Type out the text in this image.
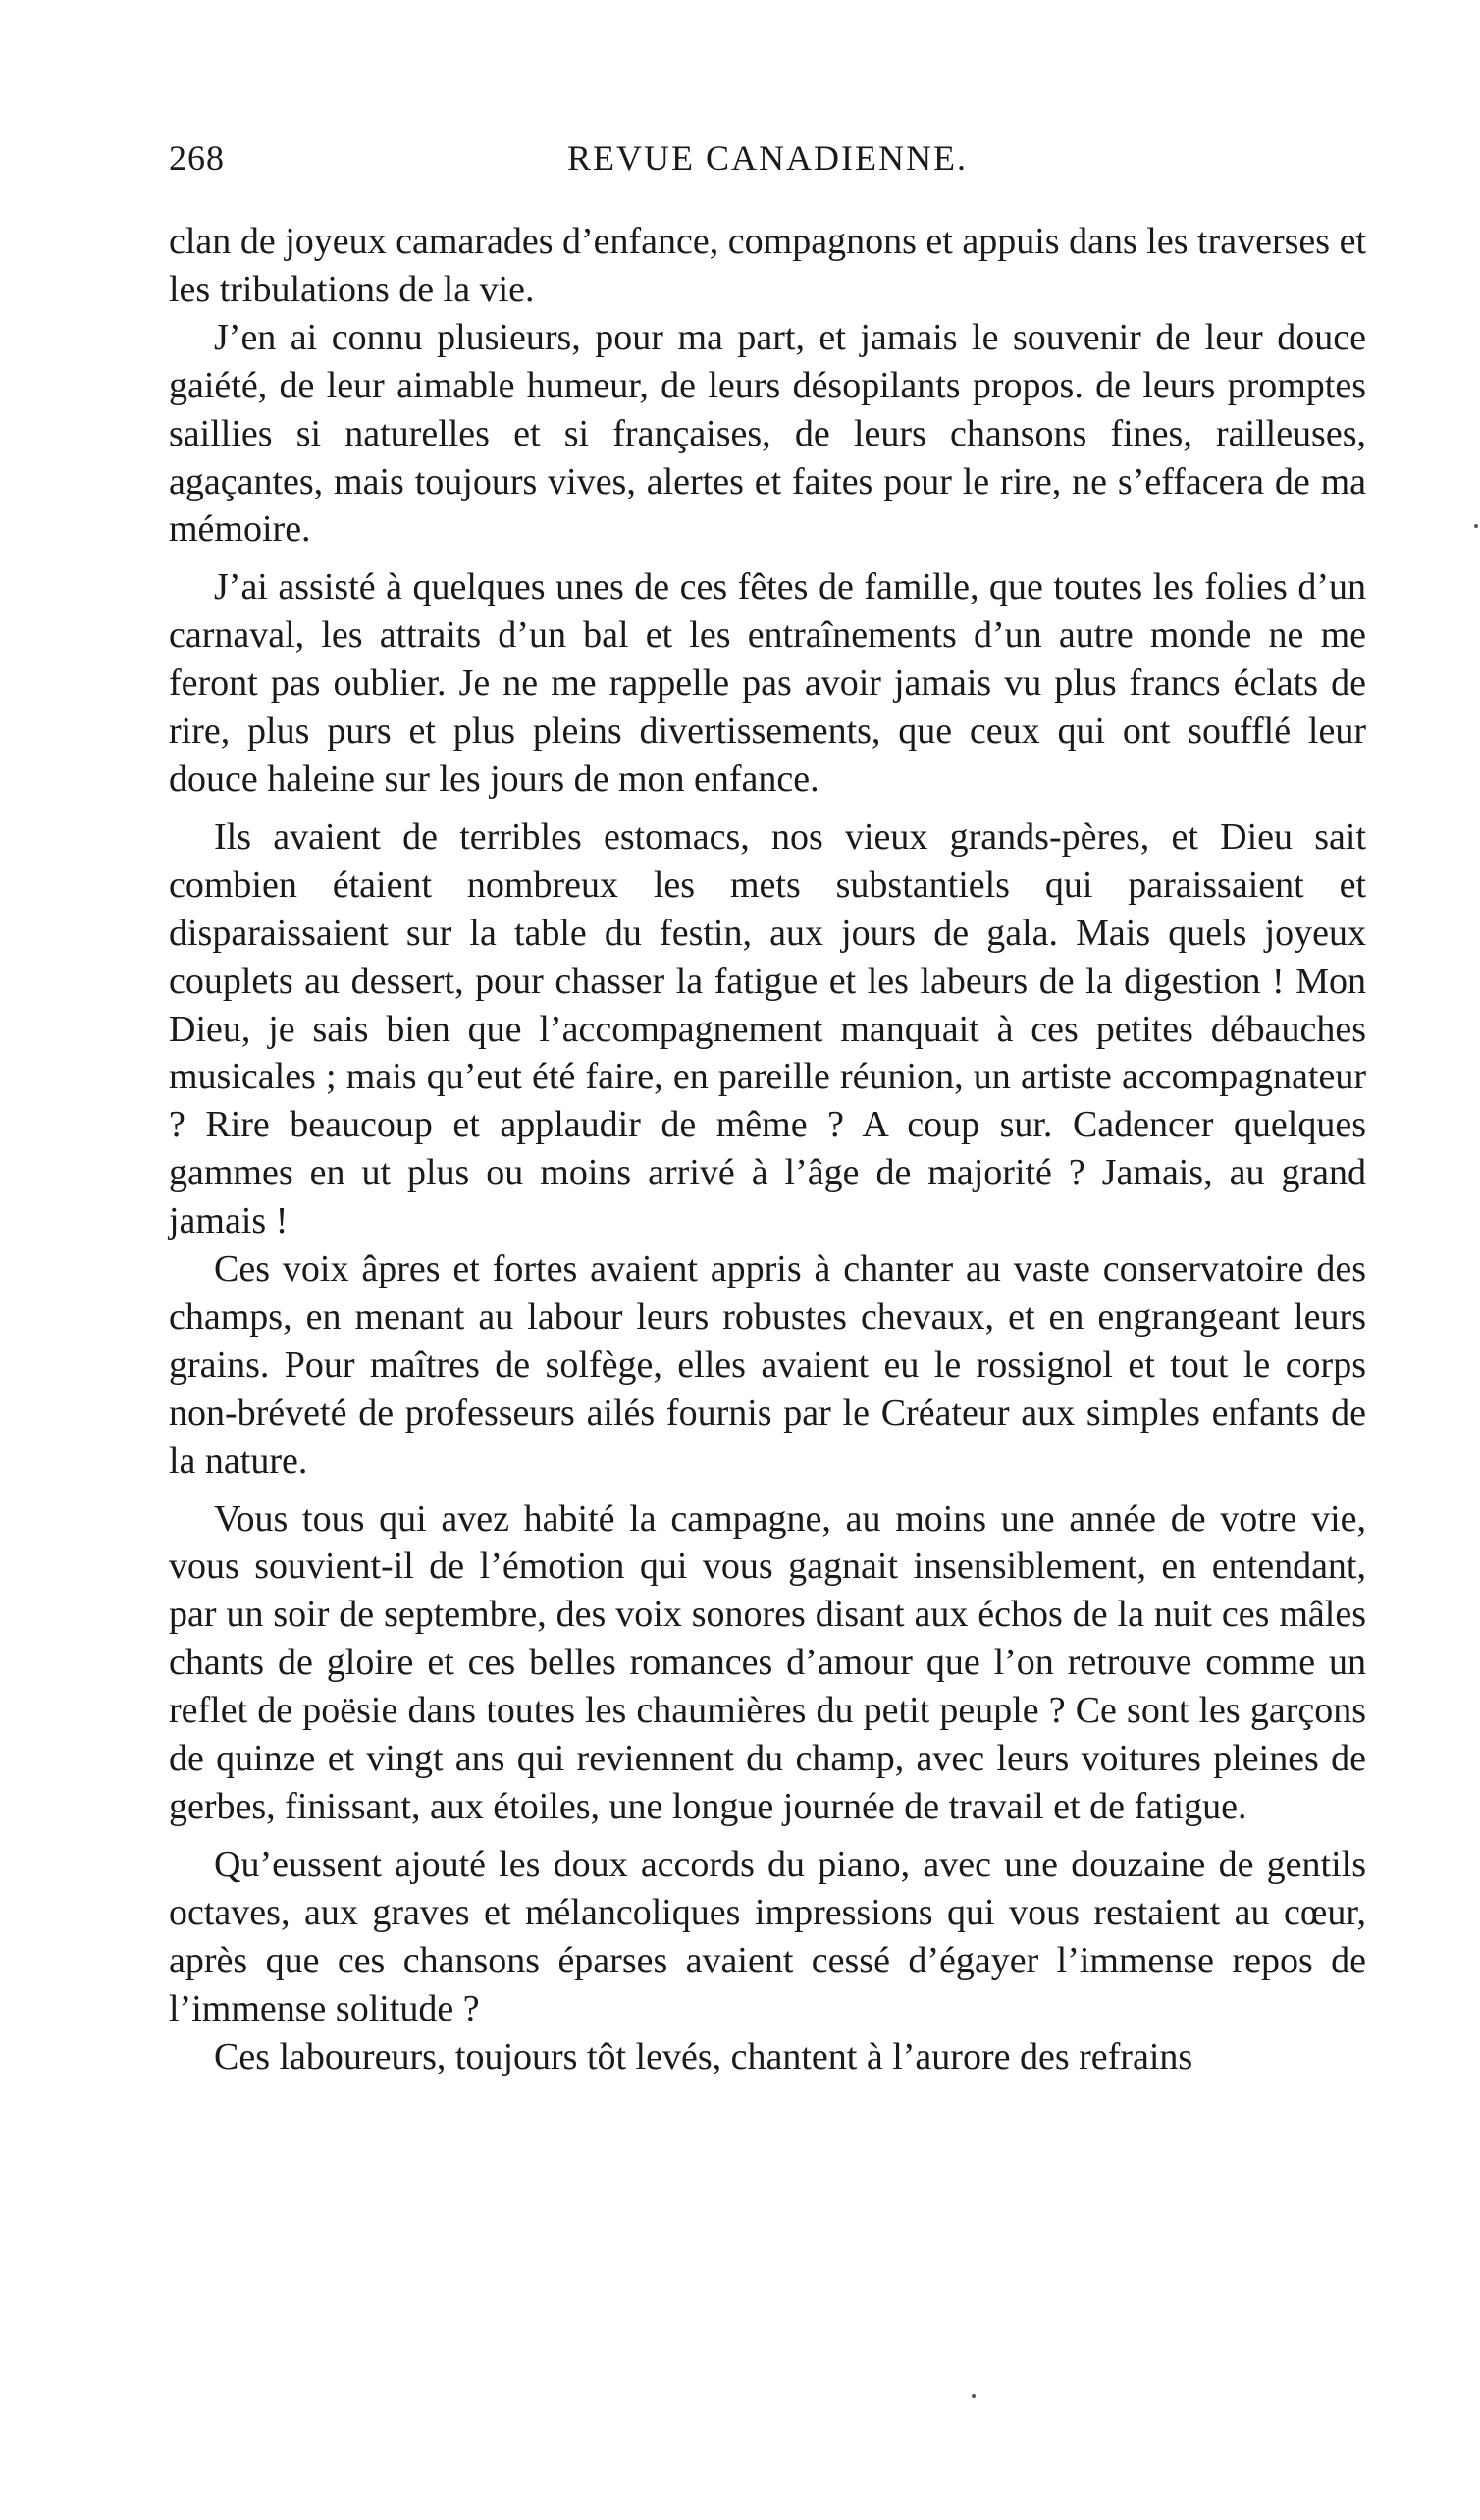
268	REVUE CANADIENNE.

clan de joyeux camarades d’enfance, compagnons et appuis dans les traverses et les tribulations de la vie.

J’en ai connu plusieurs, pour ma part, et jamais le souvenir de leur douce gaiété, de leur aimable humeur, de leurs désopilants propos. de leurs promptes saillies si naturelles et si françaises, de leurs chansons fines, railleuses, agaçantes, mais toujours vives, alertes et faites pour le rire, ne s’effacera de ma mémoire.

J’ai assisté à quelques unes de ces fêtes de famille, que toutes les folies d’un carnaval, les attraits d’un bal et les entraînements d’un autre monde ne me feront pas oublier. Je ne me rappelle pas avoir jamais vu plus francs éclats de rire, plus purs et plus pleins divertissements, que ceux qui ont soufflé leur douce haleine sur les jours de mon enfance.

Ils avaient de terribles estomacs, nos vieux grands-pères, et Dieu sait combien étaient nombreux les mets substantiels qui paraissaient et disparaissaient sur la table du festin, aux jours de gala. Mais quels joyeux couplets au dessert, pour chasser la fatigue et les labeurs de la digestion ! Mon Dieu, je sais bien que l’accompagnement manquait à ces petites débauches musicales ; mais qu’eut été faire, en pareille réunion, un artiste accompagnateur ? Rire beaucoup et applaudir de même ? A coup sur. Cadencer quelques gammes en ut plus ou moins arrivé à l’âge de majorité ? Jamais, au grand jamais !

Ces voix âpres et fortes avaient appris à chanter au vaste conservatoire des champs, en menant au labour leurs robustes chevaux, et en engrangeant leurs grains. Pour maîtres de solfège, elles avaient eu le rossignol et tout le corps non-bréveté de professeurs ailés fournis par le Créateur aux simples enfants de la nature.

Vous tous qui avez habité la campagne, au moins une année de votre vie, vous souvient-il de l’émotion qui vous gagnait insensiblement, en entendant, par un soir de septembre, des voix sonores disant aux échos de la nuit ces mâles chants de gloire et ces belles romances d’amour que l’on retrouve comme un reflet de poësie dans toutes les chaumières du petit peuple ? Ce sont les garçons de quinze et vingt ans qui reviennent du champ, avec leurs voitures pleines de gerbes, finissant, aux étoiles, une longue journée de travail et de fatigue.

Qu’eussent ajouté les doux accords du piano, avec une douzaine de gentils octaves, aux graves et mélancoliques impressions qui vous restaient au cœur, après que ces chansons éparses avaient cessé d’égayer l’immense repos de l’immense solitude ?

Ces laboureurs, toujours tôt levés, chantent à l’aurore des refrains
